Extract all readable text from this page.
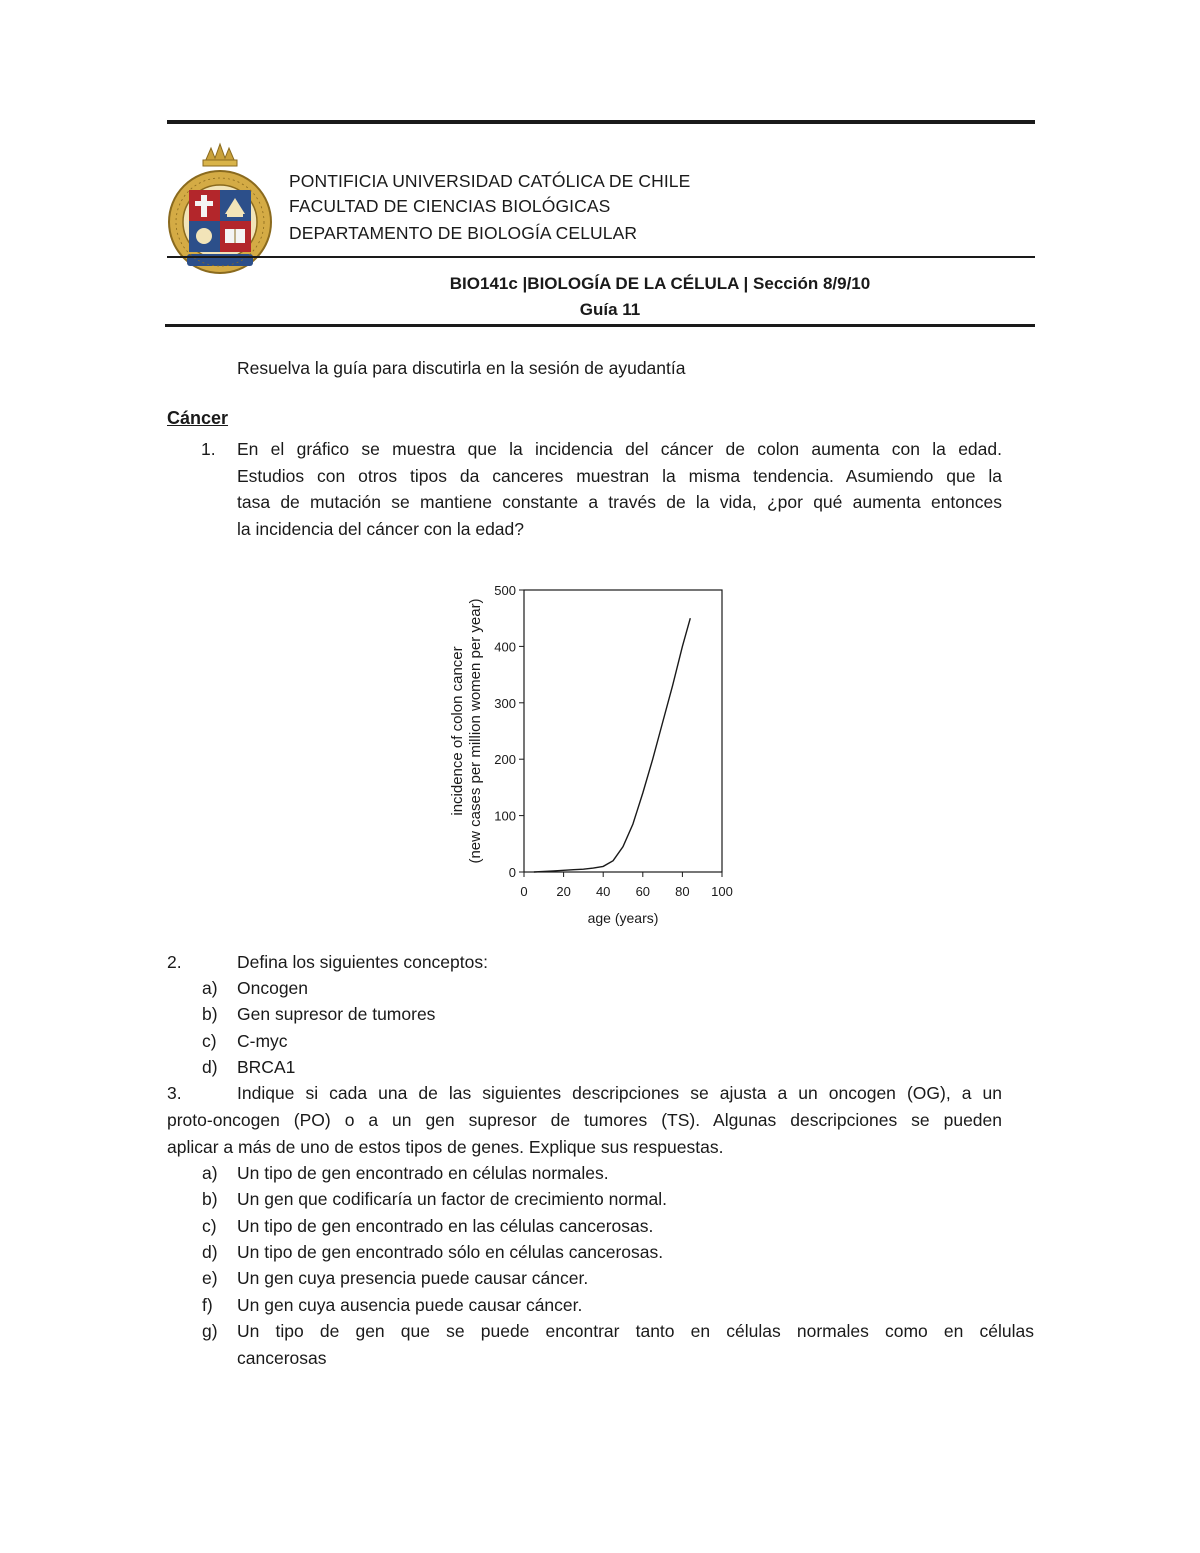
PONTIFICIA UNIVERSIDAD CATÓLICA DE CHILE
FACULTAD DE CIENCIAS BIOLÓGICAS
DEPARTAMENTO DE BIOLOGÍA CELULAR
BIO141c |BIOLOGÍA DE LA CÉLULA | Sección 8/9/10
Guía 11
Resuelva la guía para discutirla en la sesión de ayudantía
Cáncer
1. En el gráfico se muestra que la incidencia del cáncer de colon aumenta con la edad.
Estudios con otros tipos da canceres muestran la misma tendencia. Asumiendo que la
tasa de mutación se mantiene constante a través de la vida, ¿por qué aumenta entonces
la incidencia del cáncer con la edad?
0
100
200
300
400
500
0 20 40 60 80 100
incidence of colon cancer (new cases per million women per year)
age (years)
2.	Defina los siguientes conceptos:
a) Oncogen
b) Gen supresor de tumores
c) C-myc
d) BRCA1
3.	Indique si cada una de las siguientes descripciones se ajusta a un oncogen (OG), a un
proto-oncogen (PO) o a un gen supresor de tumores (TS). Algunas descripciones se pueden
aplicar a más de uno de estos tipos de genes. Explique sus respuestas.
a) Un tipo de gen encontrado en células normales.
b) Un gen que codificaría un factor de crecimiento normal.
c) Un tipo de gen encontrado en las células cancerosas.
d) Un tipo de gen encontrado sólo en células cancerosas.
e) Un gen cuya presencia puede causar cáncer.
f) Un gen cuya ausencia puede causar cáncer.
g) Un tipo de gen que se puede encontrar tanto en células normales como en células
cancerosas
